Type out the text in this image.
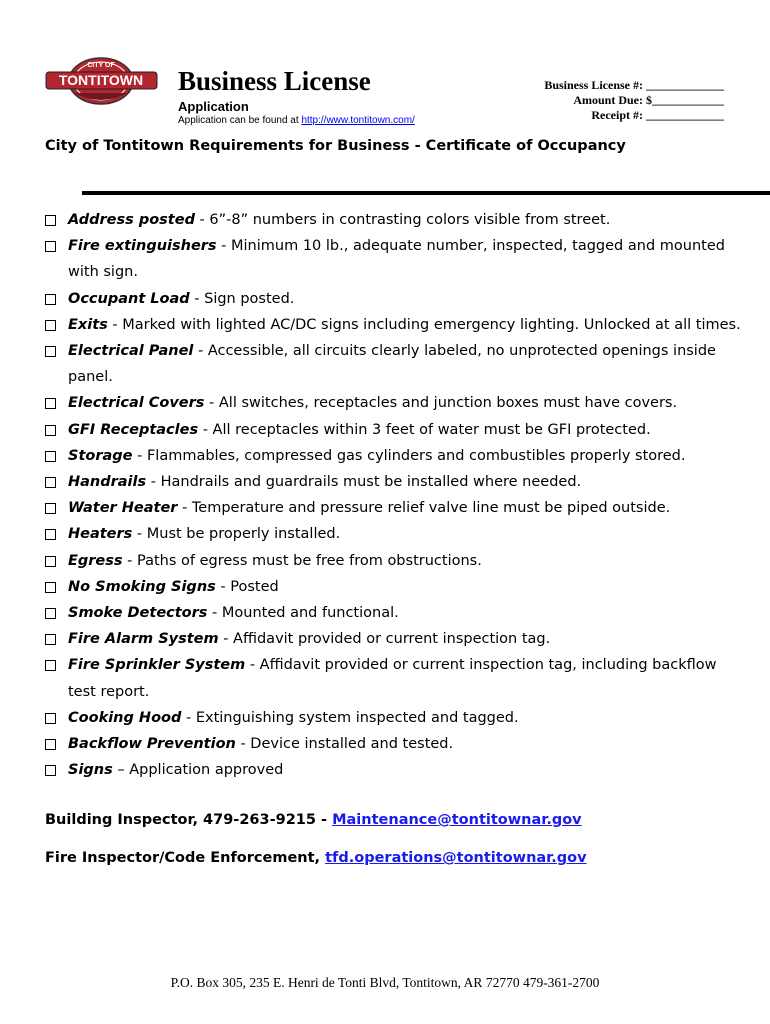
CITY OF
TONTITOWN Business License
Application
Application can be found at http://www.tontitown.com/
Business License #: _____________
Amount Due: $____________
Receipt #: _____________
City of Tontitown Requirements for Business - Certificate of Occupancy
Address posted - 6”-8” numbers in contrasting colors visible from street.
Fire extinguishers - Minimum 10 lb., adequate number, inspected, tagged and mounted with sign.
Occupant Load - Sign posted.
Exits - Marked with lighted AC/DC signs including emergency lighting. Unlocked at all times.
Electrical Panel - Accessible, all circuits clearly labeled, no unprotected openings inside panel.
Electrical Covers - All switches, receptacles and junction boxes must have covers.
GFI Receptacles - All receptacles within 3 feet of water must be GFI protected.
Storage - Flammables, compressed gas cylinders and combustibles properly stored.
Handrails - Handrails and guardrails must be installed where needed.
Water Heater - Temperature and pressure relief valve line must be piped outside.
Heaters - Must be properly installed.
Egress - Paths of egress must be free from obstructions.
No Smoking Signs - Posted
Smoke Detectors - Mounted and functional.
Fire Alarm System - Affidavit provided or current inspection tag.
Fire Sprinkler System - Affidavit provided or current inspection tag, including backflow test report.
Cooking Hood - Extinguishing system inspected and tagged.
Backflow Prevention - Device installed and tested.
Signs – Application approved
Building Inspector, 479-263-9215 - Maintenance@tontitownar.gov
Fire Inspector/Code Enforcement, tfd.operations@tontitownar.gov
P.O. Box 305, 235 E. Henri de Tonti Blvd, Tontitown, AR 72770 479-361-2700
